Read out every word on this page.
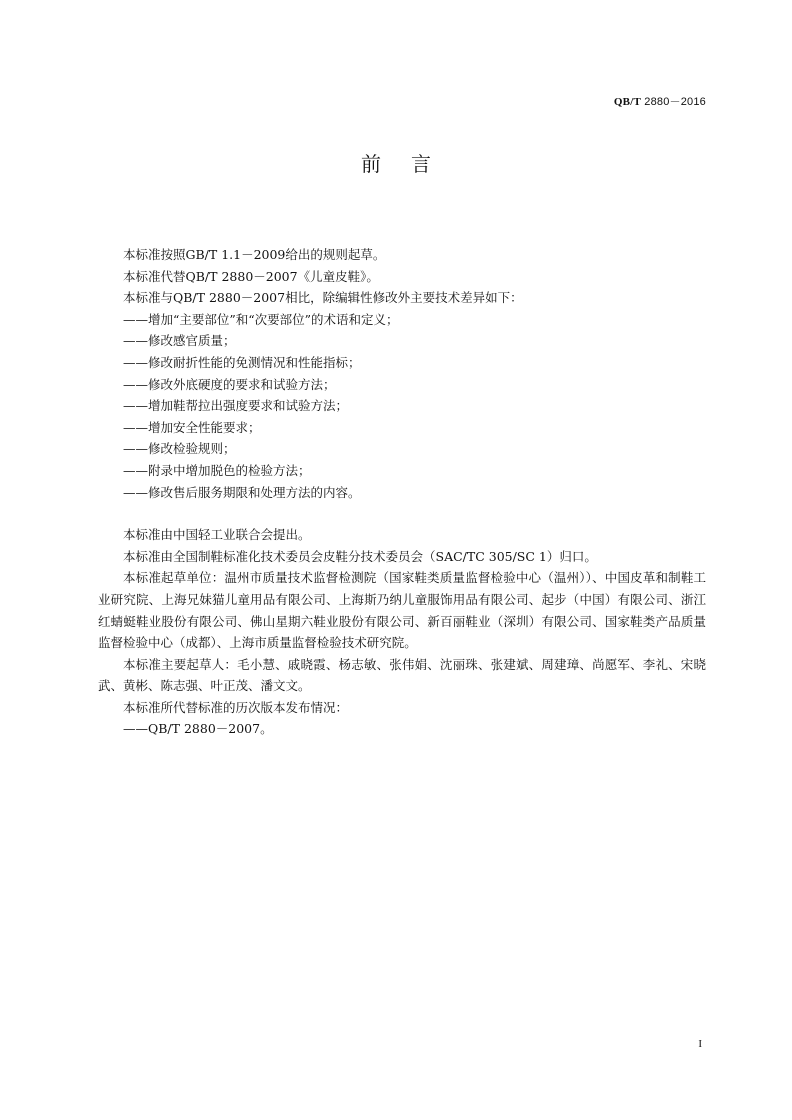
QB/T 2880－2016
前言

本标准按照GB/T 1.1－2009给出的规则起草。

本标准代替QB/T 2880－2007《儿童皮鞋》。

本标准与QB/T 2880－2007相比，除编辑性修改外主要技术差异如下：

——增加“主要部位”和“次要部位”的术语和定义；

——修改感官质量；

——修改耐折性能的免测情况和性能指标；

——修改外底硬度的要求和试验方法；

——增加鞋帮拉出强度要求和试验方法；

——增加安全性能要求；

——修改检验规则；

——附录中增加脱色的检验方法；

——修改售后服务期限和处理方法的内容。

本标准由中国轻工业联合会提出。

本标准由全国制鞋标准化技术委员会皮鞋分技术委员会（SAC/TC 305/SC 1）归口。

本标准起草单位：温州市质量技术监督检测院（国家鞋类质量监督检验中心（温州））、中国皮革和制鞋工业研究院、上海兄妹猫儿童用品有限公司、上海斯乃纳儿童服饰用品有限公司、起步（中国）有限公司、浙江红蜻蜓鞋业股份有限公司、佛山星期六鞋业股份有限公司、新百丽鞋业（深圳）有限公司、国家鞋类产品质量监督检验中心（成都）、上海市质量监督检验技术研究院。

本标准主要起草人：毛小慧、戚晓霞、杨志敏、张伟娟、沈丽珠、张建斌、周建璋、尚愿军、李礼、宋晓武、黄彬、陈志强、叶正茂、潘文文。

本标准所代替标准的历次版本发布情况：

——QB/T 2880－2007。

I
